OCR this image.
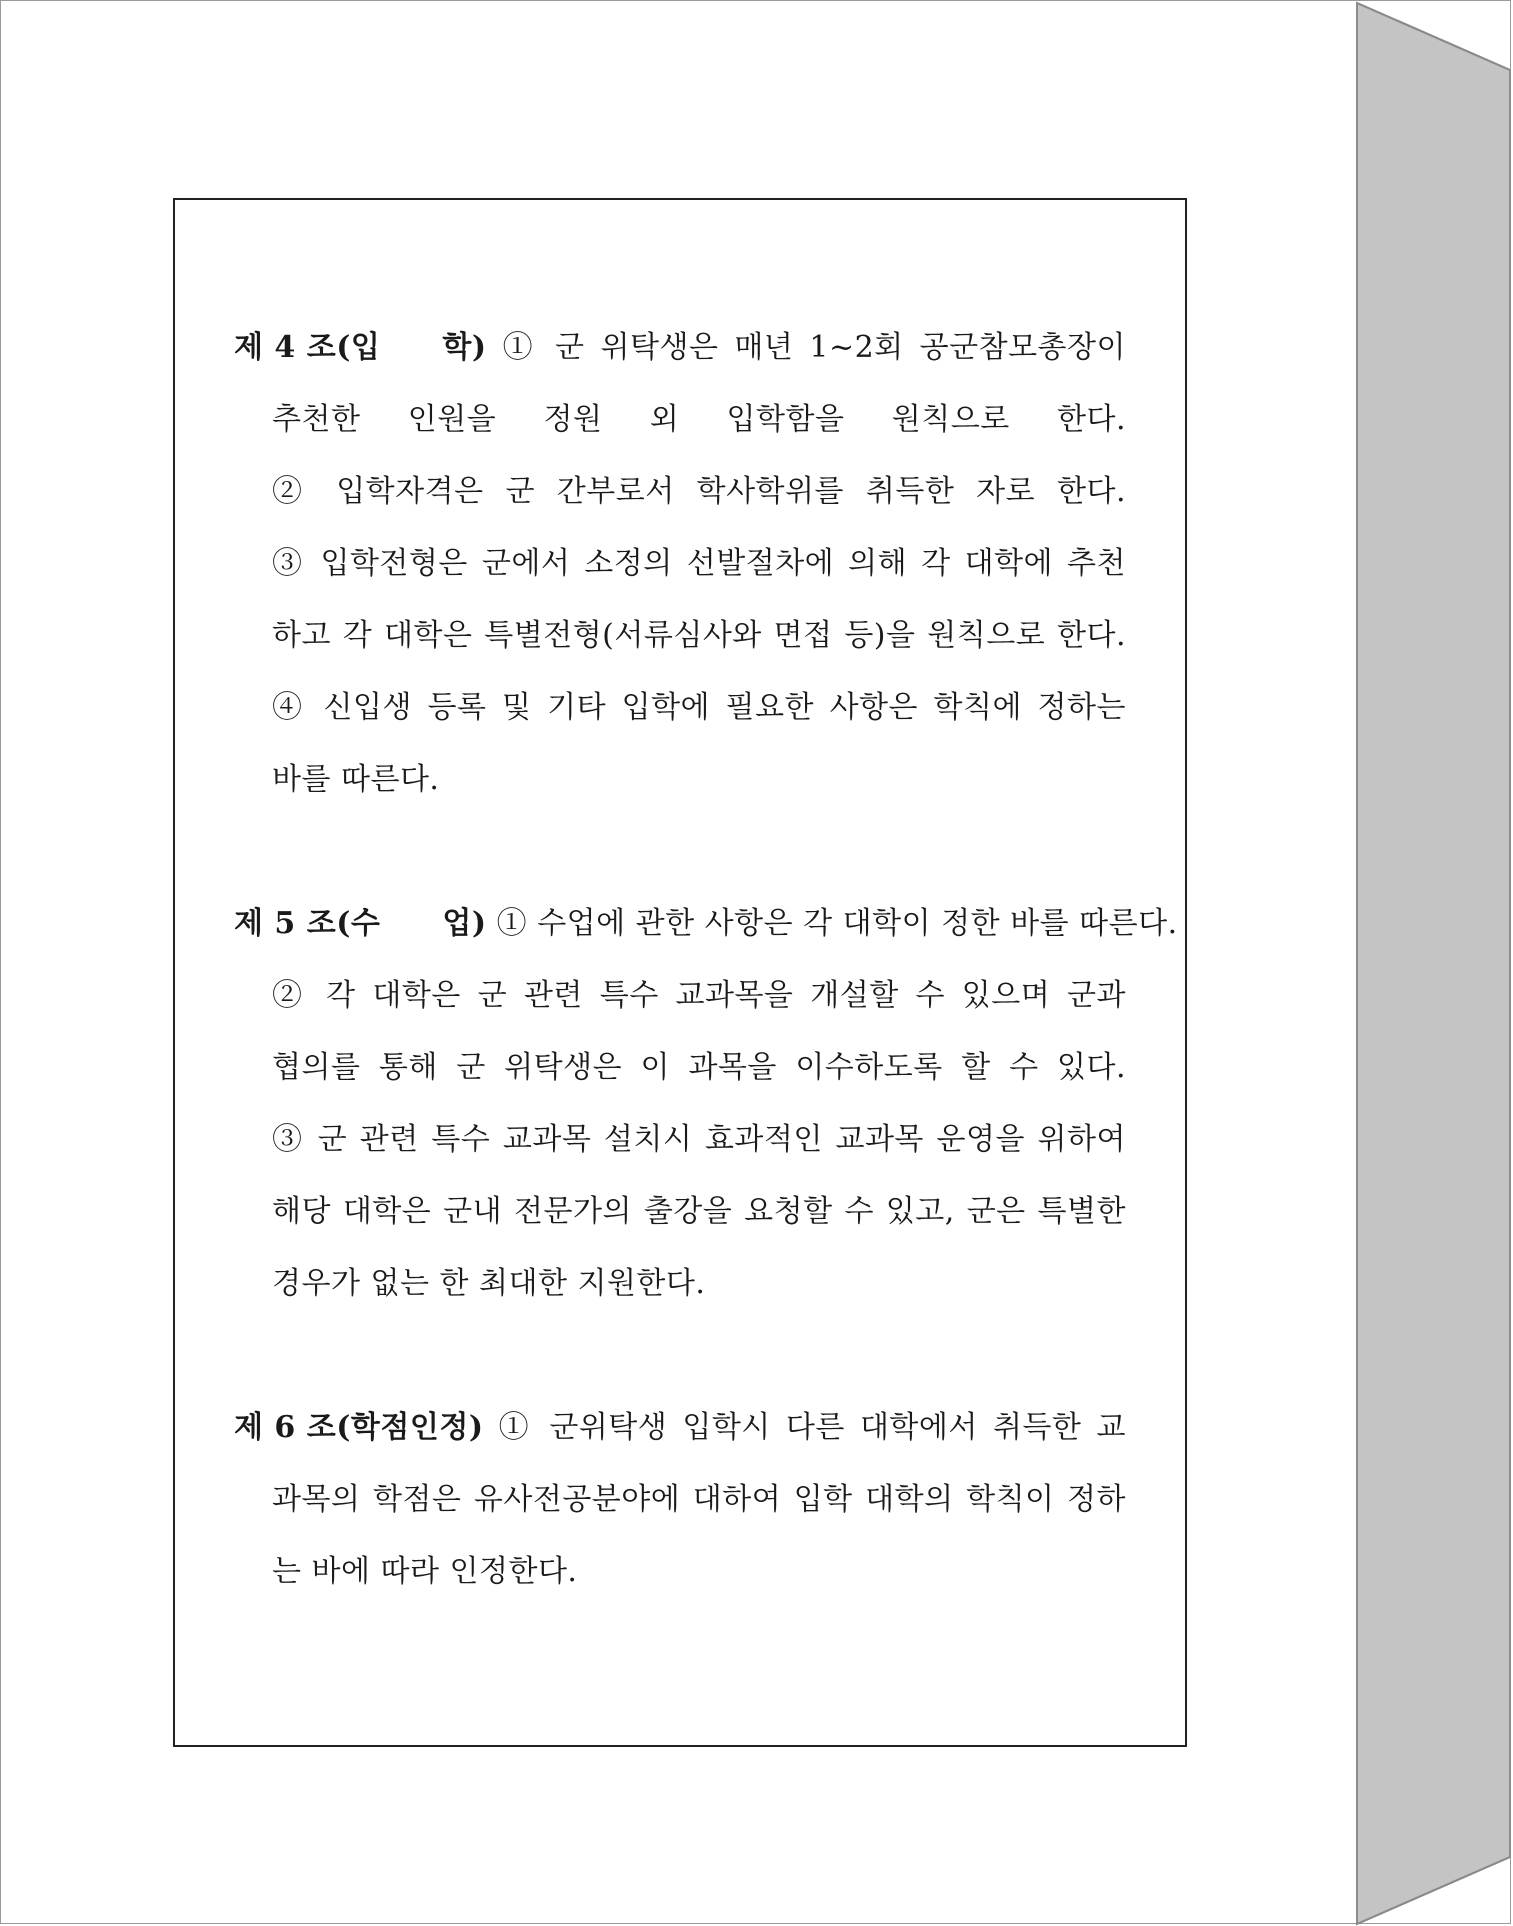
제 4 조(입 학) ① 군 위탁생은 매년 1~2회 공군참모총장이
추천한 인원을 정원 외 입학함을 원칙으로 한다.
② 입학자격은 군 간부로서 학사학위를 취득한 자로 한다.
③ 입학전형은 군에서 소정의 선발절차에 의해 각 대학에 추천
하고 각 대학은 특별전형(서류심사와 면접 등)을 원칙으로 한다.
④ 신입생 등록 및 기타 입학에 필요한 사항은 학칙에 정하는
바를 따른다.
제 5 조(수 업) ① 수업에 관한 사항은 각 대학이 정한 바를 따른다.
② 각 대학은 군 관련 특수 교과목을 개설할 수 있으며 군과
협의를 통해 군 위탁생은 이 과목을 이수하도록 할 수 있다.
③ 군 관련 특수 교과목 설치시 효과적인 교과목 운영을 위하여
해당 대학은 군내 전문가의 출강을 요청할 수 있고, 군은 특별한
경우가 없는 한 최대한 지원한다.
제 6 조(학점인정) ① 군위탁생 입학시 다른 대학에서 취득한 교
과목의 학점은 유사전공분야에 대하여 입학 대학의 학칙이 정하
는 바에 따라 인정한다.
